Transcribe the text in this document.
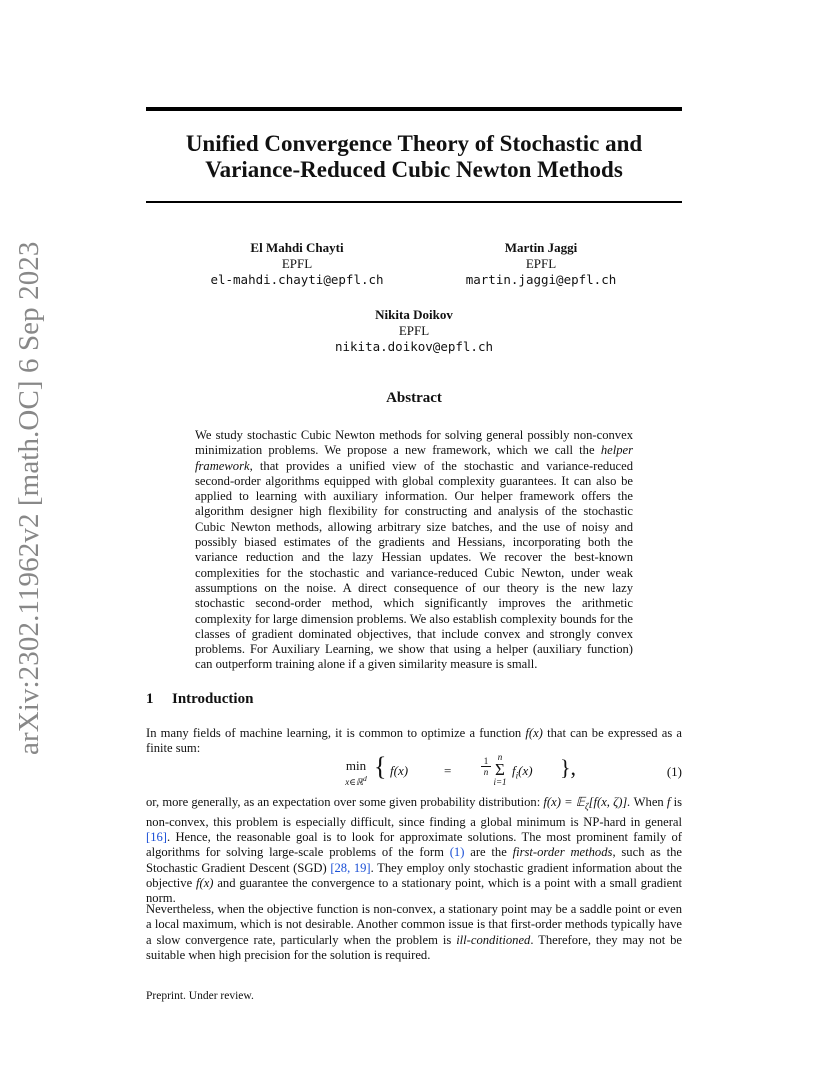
arXiv:2302.11962v2 [math.OC] 6 Sep 2023
Unified Convergence Theory of Stochastic and
Variance-Reduced Cubic Newton Methods
El Mahdi Chayti
EPFL
el-mahdi.chayti@epfl.ch
Martin Jaggi
EPFL
martin.jaggi@epfl.ch
Nikita Doikov
EPFL
nikita.doikov@epfl.ch
Abstract
We study stochastic Cubic Newton methods for solving general possibly non-convex minimization problems. We propose a new framework, which we call the helper framework, that provides a unified view of the stochastic and variance-reduced second-order algorithms equipped with global complexity guarantees. It can also be applied to learning with auxiliary information. Our helper framework offers the algorithm designer high flexibility for constructing and analysis of the stochastic Cubic Newton methods, allowing arbitrary size batches, and the use of noisy and possibly biased estimates of the gradients and Hessians, incorporating both the variance reduction and the lazy Hessian updates. We recover the best-known complexities for the stochastic and variance-reduced Cubic Newton, under weak assumptions on the noise. A direct consequence of our theory is the new lazy stochastic second-order method, which significantly improves the arithmetic complexity for large dimension problems. We also establish complexity bounds for the classes of gradient dominated objectives, that include convex and strongly convex problems. For Auxiliary Learning, we show that using a helper (auxiliary function) can outperform training alone if a given similarity measure is small.
1 Introduction
In many fields of machine learning, it is common to optimize a function f(x) that can be expressed as a finite sum:
min
x∈ℝ$^d$ { f(x)	=	$\frac{1}{n}$ n
Σ
i=1
$f_i(x)$ },	(1)
or, more generally, as an expectation over some given probability distribution: f(x) = 𝔼$_\zeta$[f(x, ζ)]. When f is non-convex, this problem is especially difficult, since finding a global minimum is NP-hard in general [16]. Hence, the reasonable goal is to look for approximate solutions. The most prominent family of algorithms for solving large-scale problems of the form (1) are the first-order methods, such as the Stochastic Gradient Descent (SGD) [28, 19]. They employ only stochastic gradient information about the objective f(x) and guarantee the convergence to a stationary point, which is a point with a small gradient norm.
Nevertheless, when the objective function is non-convex, a stationary point may be a saddle point or even a local maximum, which is not desirable. Another common issue is that first-order methods typically have a slow convergence rate, particularly when the problem is ill-conditioned. Therefore, they may not be suitable when high precision for the solution is required.
Preprint. Under review.
